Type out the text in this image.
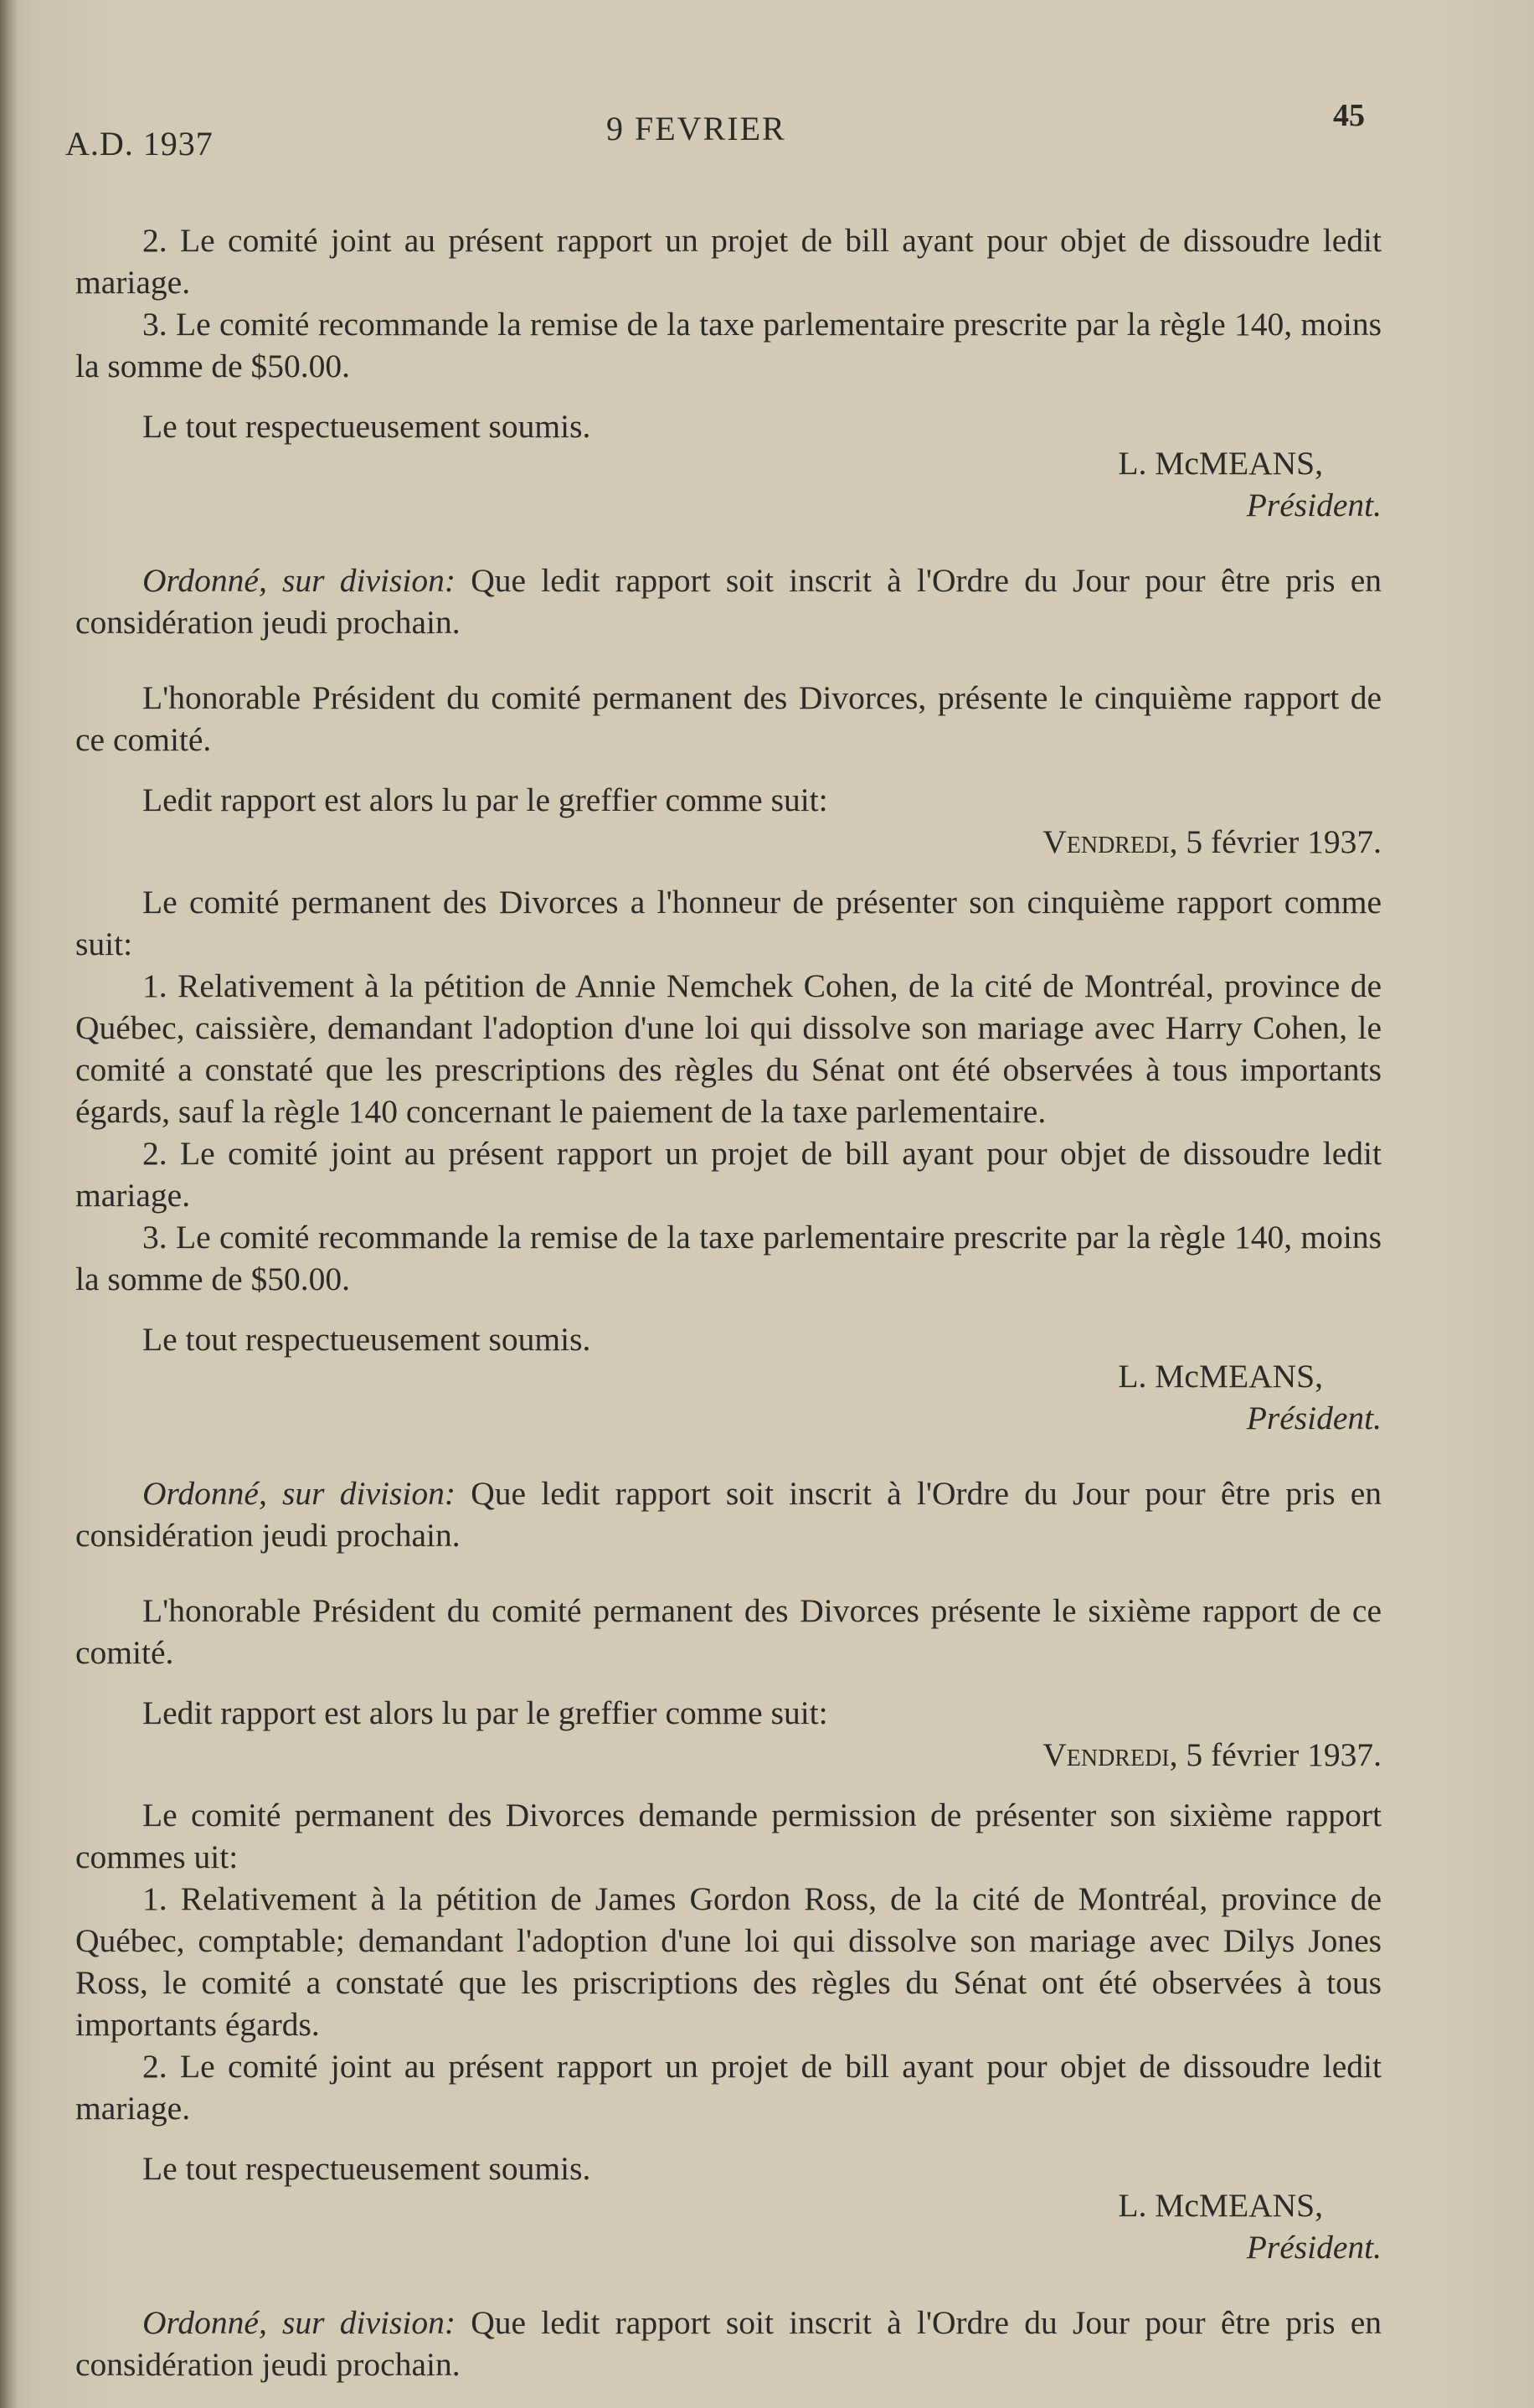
A.D. 1937	9 FEVRIER	45

2. Le comité joint au présent rapport un projet de bill ayant pour objet de dissoudre ledit mariage.

3. Le comité recommande la remise de la taxe parlementaire prescrite par la règle 140, moins la somme de $50.00.

Le tout respectueusement soumis.

L. McMEANS,

Président.

Ordonné, sur division: Que ledit rapport soit inscrit à l'Ordre du Jour pour être pris en considération jeudi prochain.

L'honorable Président du comité permanent des Divorces, présente le cinquième rapport de ce comité.

Ledit rapport est alors lu par le greffier comme suit:

Vendredi, 5 février 1937.

Le comité permanent des Divorces a l'honneur de présenter son cinquième rapport comme suit:

1. Relativement à la pétition de Annie Nemchek Cohen, de la cité de Montréal, province de Québec, caissière, demandant l'adoption d'une loi qui dissolve son mariage avec Harry Cohen, le comité a constaté que les prescriptions des règles du Sénat ont été observées à tous importants égards, sauf la règle 140 concernant le paiement de la taxe parlementaire.

2. Le comité joint au présent rapport un projet de bill ayant pour objet de dissoudre ledit mariage.

3. Le comité recommande la remise de la taxe parlementaire prescrite par la règle 140, moins la somme de $50.00.

Le tout respectueusement soumis.

L. McMEANS,

Président.

Ordonné, sur division: Que ledit rapport soit inscrit à l'Ordre du Jour pour être pris en considération jeudi prochain.

L'honorable Président du comité permanent des Divorces présente le sixième rapport de ce comité.

Ledit rapport est alors lu par le greffier comme suit:

Vendredi, 5 février 1937.

Le comité permanent des Divorces demande permission de présenter son sixième rapport commes uit:

1. Relativement à la pétition de James Gordon Ross, de la cité de Montréal, province de Québec, comptable; demandant l'adoption d'une loi qui dissolve son mariage avec Dilys Jones Ross, le comité a constaté que les priscriptions des règles du Sénat ont été observées à tous importants égards.

2. Le comité joint au présent rapport un projet de bill ayant pour objet de dissoudre ledit mariage.

Le tout respectueusement soumis.

L. McMEANS,

Président.

Ordonné, sur division: Que ledit rapport soit inscrit à l'Ordre du Jour pour être pris en considération jeudi prochain.
